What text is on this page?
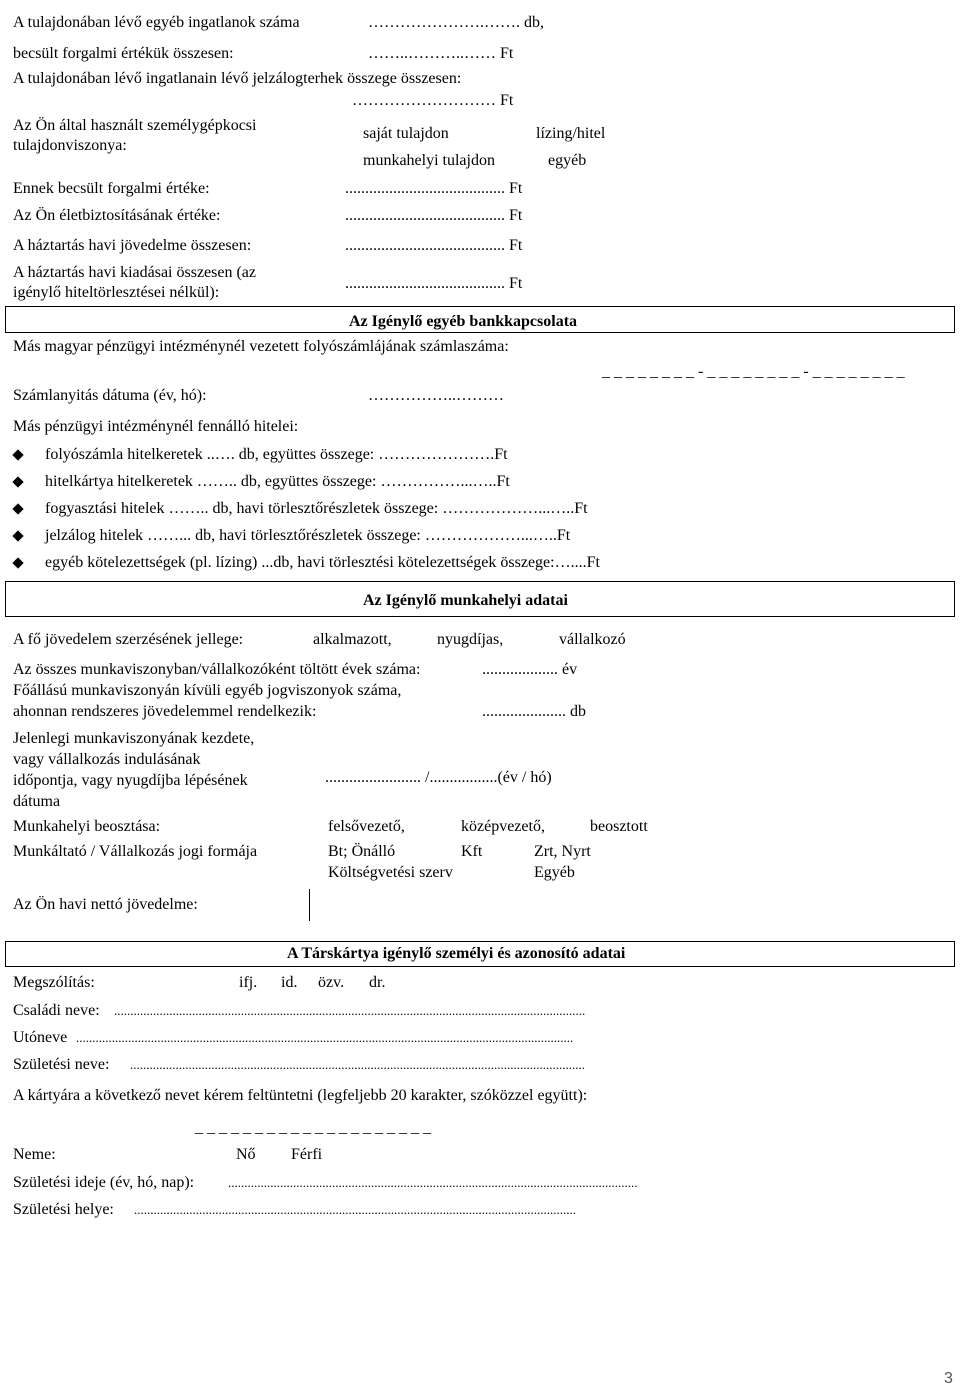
A tulajdonában lévő egyéb ingatlanok száma	………………….……. db,
becsült forgalmi értékük összesen:	……..………..…… Ft
A tulajdonában lévő ingatlanain lévő jelzálogterhek összege összesen:
……………………… Ft
Az Ön által használt személygépkocsi
tulajdonviszonya:
saját tulajdon	lízing/hitel
munkahelyi tulajdon	egyéb
Ennek becsült forgalmi értéke:	........................................ Ft
Az Ön életbiztosításának értéke:	........................................ Ft
A háztartás havi jövedelme összesen:	........................................ Ft
A háztartás havi kiadásai összesen (az
igénylő hiteltörlesztései nélkül):
........................................ Ft
Az Igénylő egyéb bankkapcsolata
Más magyar pénzügyi intézménynél vezetett folyószámlájának számlaszáma:
_ _ _ _ _ _ _ _ - _ _ _ _ _ _ _ _ - _ _ _ _ _ _ _ _
Számlanyitás dátuma (év, hó):	……………..………
Más pénzügyi intézménynél fennálló hitelei:
folyószámla hitelkeretek ..…. db, együttes összege: ………………….Ft
hitelkártya hitelkeretek …….. db, együttes összege: ……………...…..Ft
fogyasztási hitelek …….. db, havi törlesztőrészletek összege: ………………...…..Ft
jelzálog hitelek ……... db, havi törlesztőrészletek összege: ………………...…..Ft
egyéb kötelezettségek (pl. lízing) ...db, havi törlesztési kötelezettségek összege:…....Ft
Az Igénylő munkahelyi adatai
A fő jövedelem szerzésének jellege:	alkalmazott,	nyugdíjas,	vállalkozó
Az összes munkaviszonyban/vállalkozóként töltött évek száma:	................... év
Főállású munkaviszonyán kívüli egyéb jogviszonyok száma,
ahonnan rendszeres jövedelemmel rendelkezik:	..................... db
Jelenlegi munkaviszonyának kezdete,
vagy vállalkozás indulásának
időpontja, vagy nyugdíjba lépésének
dátuma
........................ /.................(év / hó)
Munkahelyi beosztása:	felsővezető,	középvezető,	beosztott
Munkáltató / Vállalkozás jogi formája	Bt; Önálló	Kft	Zrt, Nyrt
Költségvetési szerv	Egyéb
Az Ön havi nettó jövedelme:
A Társkártya igénylő személyi és azonosító adatai
Megszólítás:	ifj. id. özv. dr.
Családi neve: .................................................................................................................................................
Utóneve .........................................................................................................................................................
Születési neve: ............................................................................................................................................
A kártyára a következő nevet kérem feltüntetni (legfeljebb 20 karakter, szóközzel együtt):
_ _ _ _ _ _ _ _ _ _ _ _ _ _ _ _ _ _ _ _
Neme:	Nő Férfi
Születési ideje (év, hó, nap):	..............................................................................................................................
Születési helye: ........................................................................................................................................
3
